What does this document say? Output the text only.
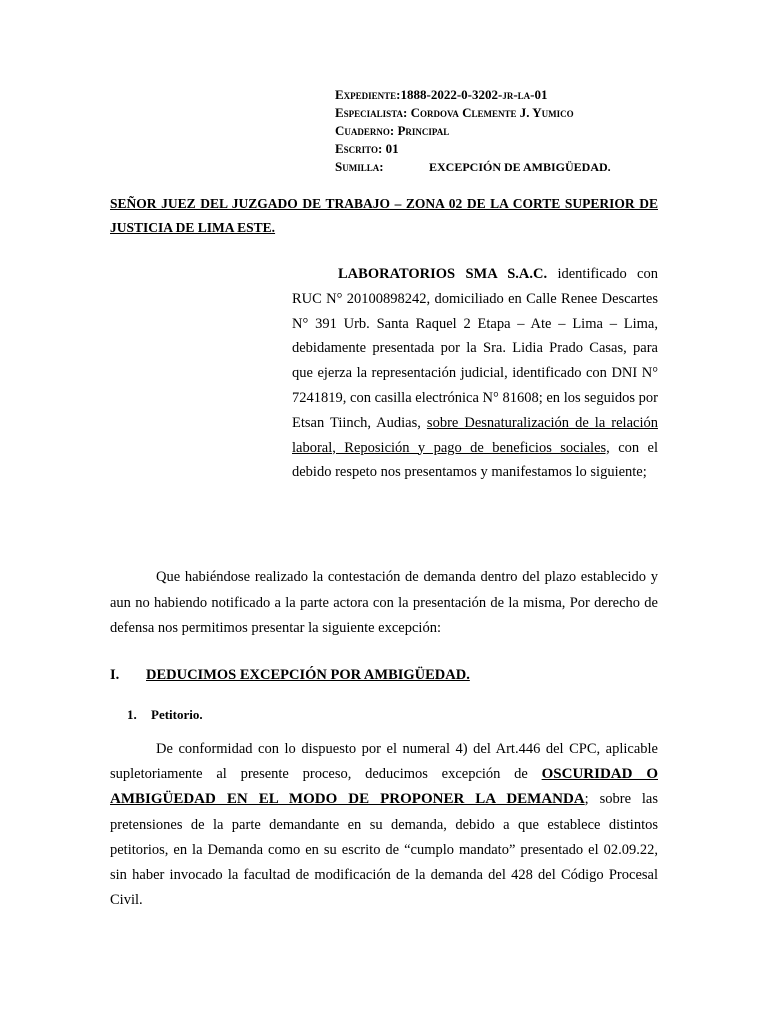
Expediente:1888-2022-0-3202-jr-la-01
Especialista: Cordova Clemente J. Yumico
Cuaderno: Principal
Escrito: 01
Sumilla:	EXCEPCIÓN DE AMBIGÜEDAD.
SEÑOR JUEZ DEL JUZGADO DE TRABAJO – ZONA 02 DE LA CORTE SUPERIOR DE JUSTICIA DE LIMA ESTE.
LABORATORIOS SMA S.A.C. identificado con RUC N° 20100898242, domiciliado en Calle Renee Descartes N° 391 Urb. Santa Raquel 2 Etapa – Ate – Lima – Lima, debidamente presentada por la Sra. Lidia Prado Casas, para que ejerza la representación judicial, identificado con DNI N° 7241819, con casilla electrónica N° 81608; en los seguidos por Etsan Tiinch, Audias, sobre Desnaturalización de la relación laboral, Reposición y pago de beneficios sociales, con el debido respeto nos presentamos y manifestamos lo siguiente;
Que habiéndose realizado la contestación de demanda dentro del plazo establecido y aun no habiendo notificado a la parte actora con la presentación de la misma, Por derecho de defensa nos permitimos presentar la siguiente excepción:
I. DEDUCIMOS EXCEPCIÓN POR AMBIGÜEDAD.
1. Petitorio.
De conformidad con lo dispuesto por el numeral 4) del Art.446 del CPC, aplicable supletoriamente al presente proceso, deducimos excepción de OSCURIDAD O AMBIGÜEDAD EN EL MODO DE PROPONER LA DEMANDA; sobre las pretensiones de la parte demandante en su demanda, debido a que establece distintos petitorios, en la Demanda como en su escrito de “cumplo mandato” presentado el 02.09.22, sin haber invocado la facultad de modificación de la demanda del 428 del Código Procesal Civil.
